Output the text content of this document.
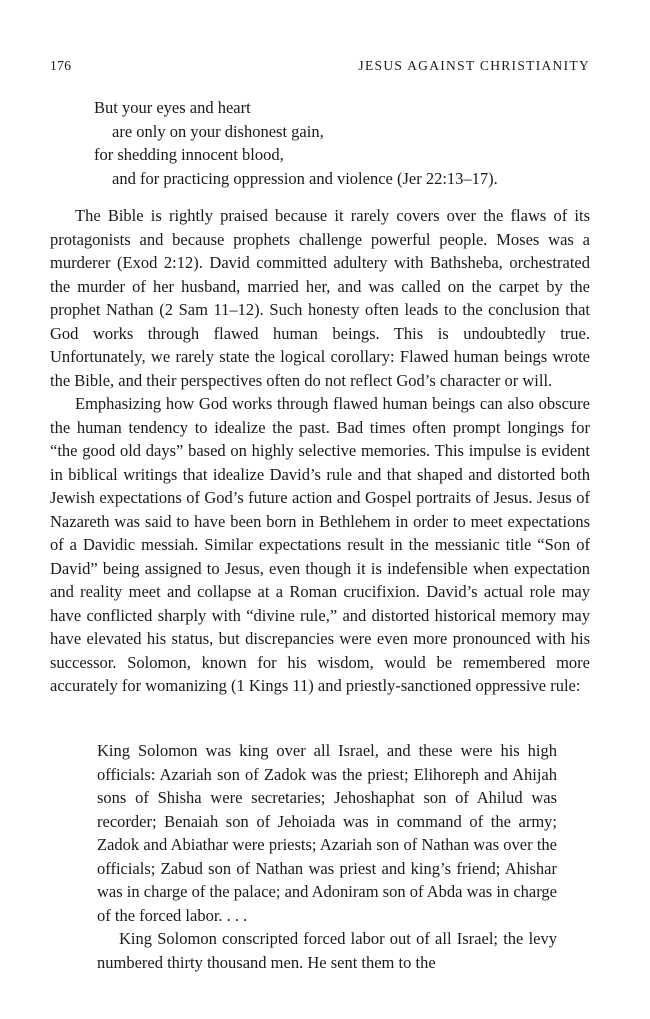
176	JESUS AGAINST CHRISTIANITY
But your eyes and heart
are only on your dishonest gain,
for shedding innocent blood,
and for practicing oppression and violence (Jer 22:13–17).

The Bible is rightly praised because it rarely covers over the flaws of its protagonists and because prophets challenge powerful people. Moses was a murderer (Exod 2:12). David committed adultery with Bathsheba, orchestrated the murder of her husband, married her, and was called on the carpet by the prophet Nathan (2 Sam 11–12). Such honesty often leads to the conclusion that God works through flawed human beings. This is undoubtedly true. Unfortunately, we rarely state the logical corollary: Flawed human beings wrote the Bible, and their perspectives often do not reflect God’s character or will.

Emphasizing how God works through flawed human beings can also obscure the human tendency to idealize the past. Bad times often prompt longings for “the good old days” based on highly selective memories. This impulse is evident in biblical writings that idealize David’s rule and that shaped and distorted both Jewish expectations of God’s future action and Gospel portraits of Jesus. Jesus of Nazareth was said to have been born in Bethlehem in order to meet expectations of a Davidic messiah. Similar expectations result in the messianic title “Son of David” being assigned to Jesus, even though it is indefensible when expectation and reality meet and collapse at a Roman crucifixion. David’s actual role may have conflicted sharply with “divine rule,” and distorted historical memory may have elevated his status, but discrepancies were even more pronounced with his successor. Solomon, known for his wisdom, would be remembered more accurately for womanizing (1 Kings 11) and priestly-sanctioned oppressive rule:

King Solomon was king over all Israel, and these were his high officials: Azariah son of Zadok was the priest; Elihoreph and Ahijah sons of Shisha were secretaries; Jehoshaphat son of Ahilud was recorder; Benaiah son of Jehoiada was in command of the army; Zadok and Abiathar were priests; Azariah son of Nathan was over the officials; Zabud son of Nathan was priest and king’s friend; Ahishar was in charge of the palace; and Adoniram son of Abda was in charge of the forced labor. . . .

King Solomon conscripted forced labor out of all Israel; the levy numbered thirty thousand men. He sent them to the
